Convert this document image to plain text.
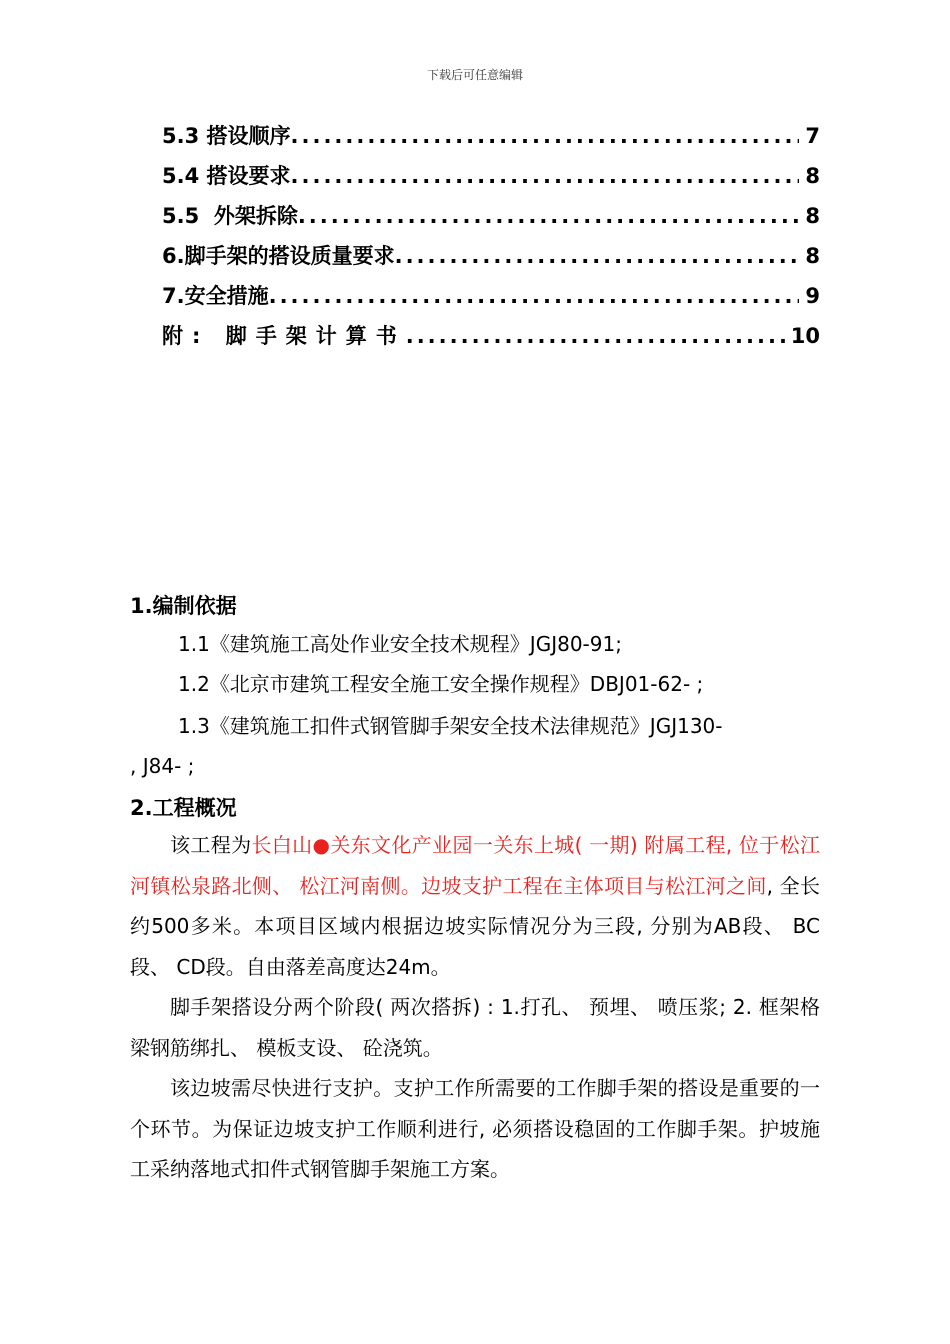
下载后可任意编辑
5.3 搭设顺序 .....	7
5.4 搭设要求 .....	8
5.5  外架拆除 .....	8
6.脚手架的搭设质量要求 .....	8
7.安全措施 .....	9
附: 脚手架计算书 .....	10
1.编制依据
1.1《建筑施工高处作业安全技术规程》JGJ80-91;
1.2《北京市建筑工程安全施工安全操作规程》DBJ01-62- ;
1.3《建筑施工扣件式钢管脚手架安全技术法律规范》JGJ130-
, J84- ;
2.工程概况

该工程为长白山●关东文化产业园一关东上城( 一期) 附属工程, 位于松江河镇松泉路北侧、 松江河南侧。边坡支护工程在主体项目与松江河之间, 全长约500多米。本项目区域内根据边坡实际情况分为三段, 分别为AB段、 BC段、 CD段。自由落差高度达24m。

脚手架搭设分两个阶段( 两次搭拆) : 1.打孔、 预埋、 喷压浆; 2. 框架格梁钢筋绑扎、 模板支设、 砼浇筑。

该边坡需尽快进行支护。支护工作所需要的工作脚手架的搭设是重要的一个环节。为保证边坡支护工作顺利进行, 必须搭设稳固的工作脚手架。护坡施工采纳落地式扣件式钢管脚手架施工方案。
